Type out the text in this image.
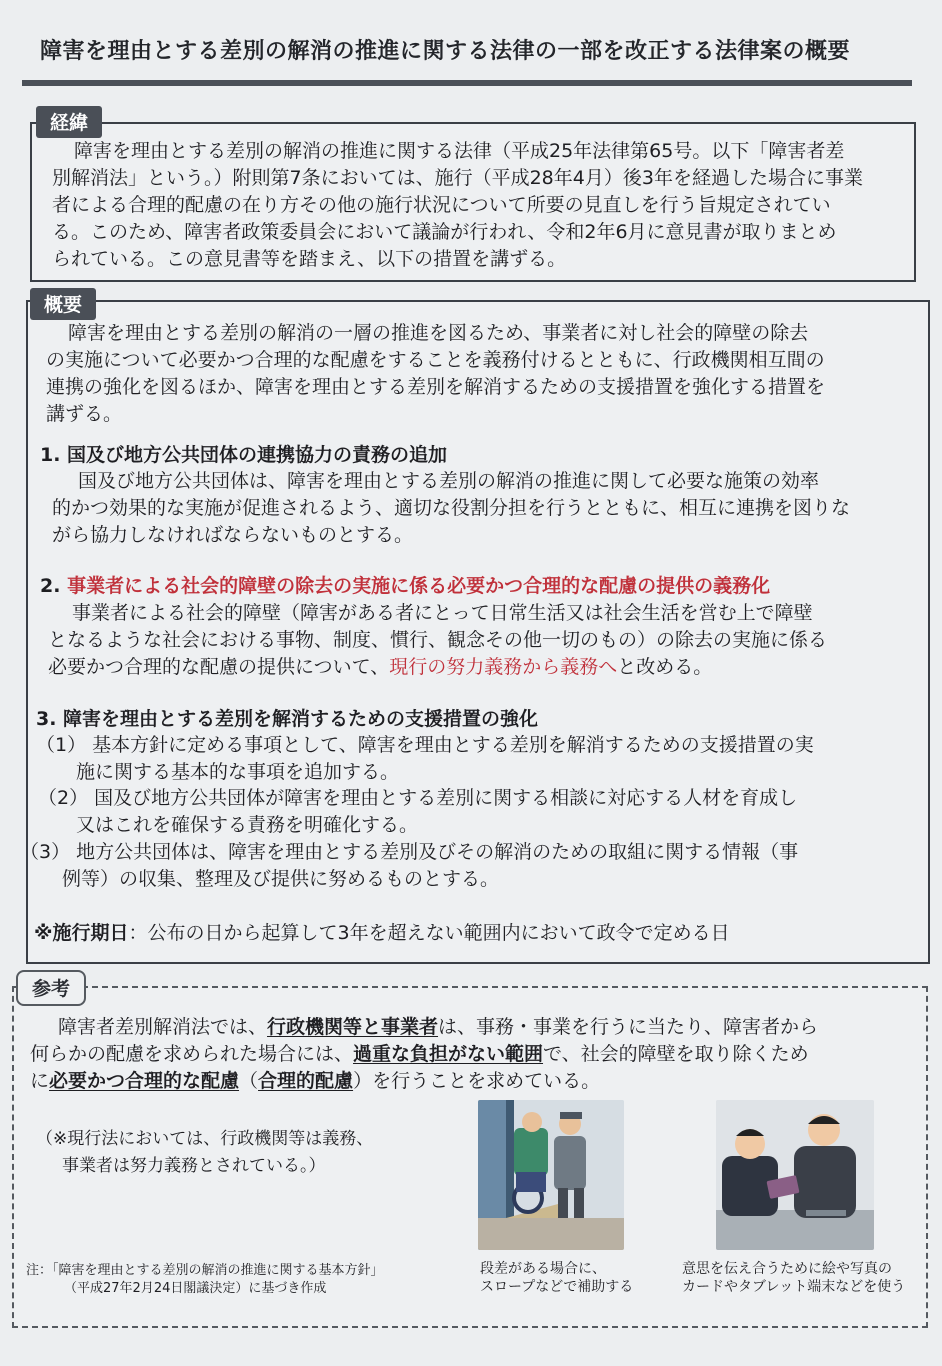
障害を理由とする差別の解消の推進に関する法律の一部を改正する法律案の概要
経緯
障害を理由とする差別の解消の推進に関する法律（平成25年法律第65号。以下「障害者差
別解消法」という。）附則第7条においては、施行（平成28年4月）後3年を経過した場合に事業
者による合理的配慮の在り方その他の施行状況について所要の見直しを行う旨規定されてい
る。このため、障害者政策委員会において議論が行われ、令和2年6月に意見書が取りまとめ
られている。この意見書等を踏まえ、以下の措置を講ずる。
概要
障害を理由とする差別の解消の一層の推進を図るため、事業者に対し社会的障壁の除去
の実施について必要かつ合理的な配慮をすることを義務付けるとともに、行政機関相互間の
連携の強化を図るほか、障害を理由とする差別を解消するための支援措置を強化する措置を
講ずる。
1. 国及び地方公共団体の連携協力の責務の追加
国及び地方公共団体は、障害を理由とする差別の解消の推進に関して必要な施策の効率
的かつ効果的な実施が促進されるよう、適切な役割分担を行うとともに、相互に連携を図りな
がら協力しなければならないものとする。
2. 事業者による社会的障壁の除去の実施に係る必要かつ合理的な配慮の提供の義務化
事業者による社会的障壁（障害がある者にとって日常生活又は社会生活を営む上で障壁
となるような社会における事物、制度、慣行、観念その他一切のもの）の除去の実施に係る
必要かつ合理的な配慮の提供について、現行の努力義務から義務へと改める。
3. 障害を理由とする差別を解消するための支援措置の強化
（1） 基本方針に定める事項として、障害を理由とする差別を解消するための支援措置の実
施に関する基本的な事項を追加する。
（2） 国及び地方公共団体が障害を理由とする差別に関する相談に対応する人材を育成し
又はこれを確保する責務を明確化する。
（3） 地方公共団体は、障害を理由とする差別及びその解消のための取組に関する情報（事
例等）の収集、整理及び提供に努めるものとする。
※施行期日：公布の日から起算して3年を超えない範囲内において政令で定める日
参考
障害者差別解消法では、行政機関等と事業者は、事務・事業を行うに当たり、障害者から
何らかの配慮を求められた場合には、過重な負担がない範囲で、社会的障壁を取り除くため
に必要かつ合理的な配慮（合理的配慮）を行うことを求めている。
（※現行法においては、行政機関等は義務、
事業者は努力義務とされている。）
注：「障害を理由とする差別の解消の推進に関する基本方針」
（平成27年2月24日閣議決定）に基づき作成
段差がある場合に、
スロープなどで補助する
意思を伝え合うために絵や写真の
カードやタブレット端末などを使う
